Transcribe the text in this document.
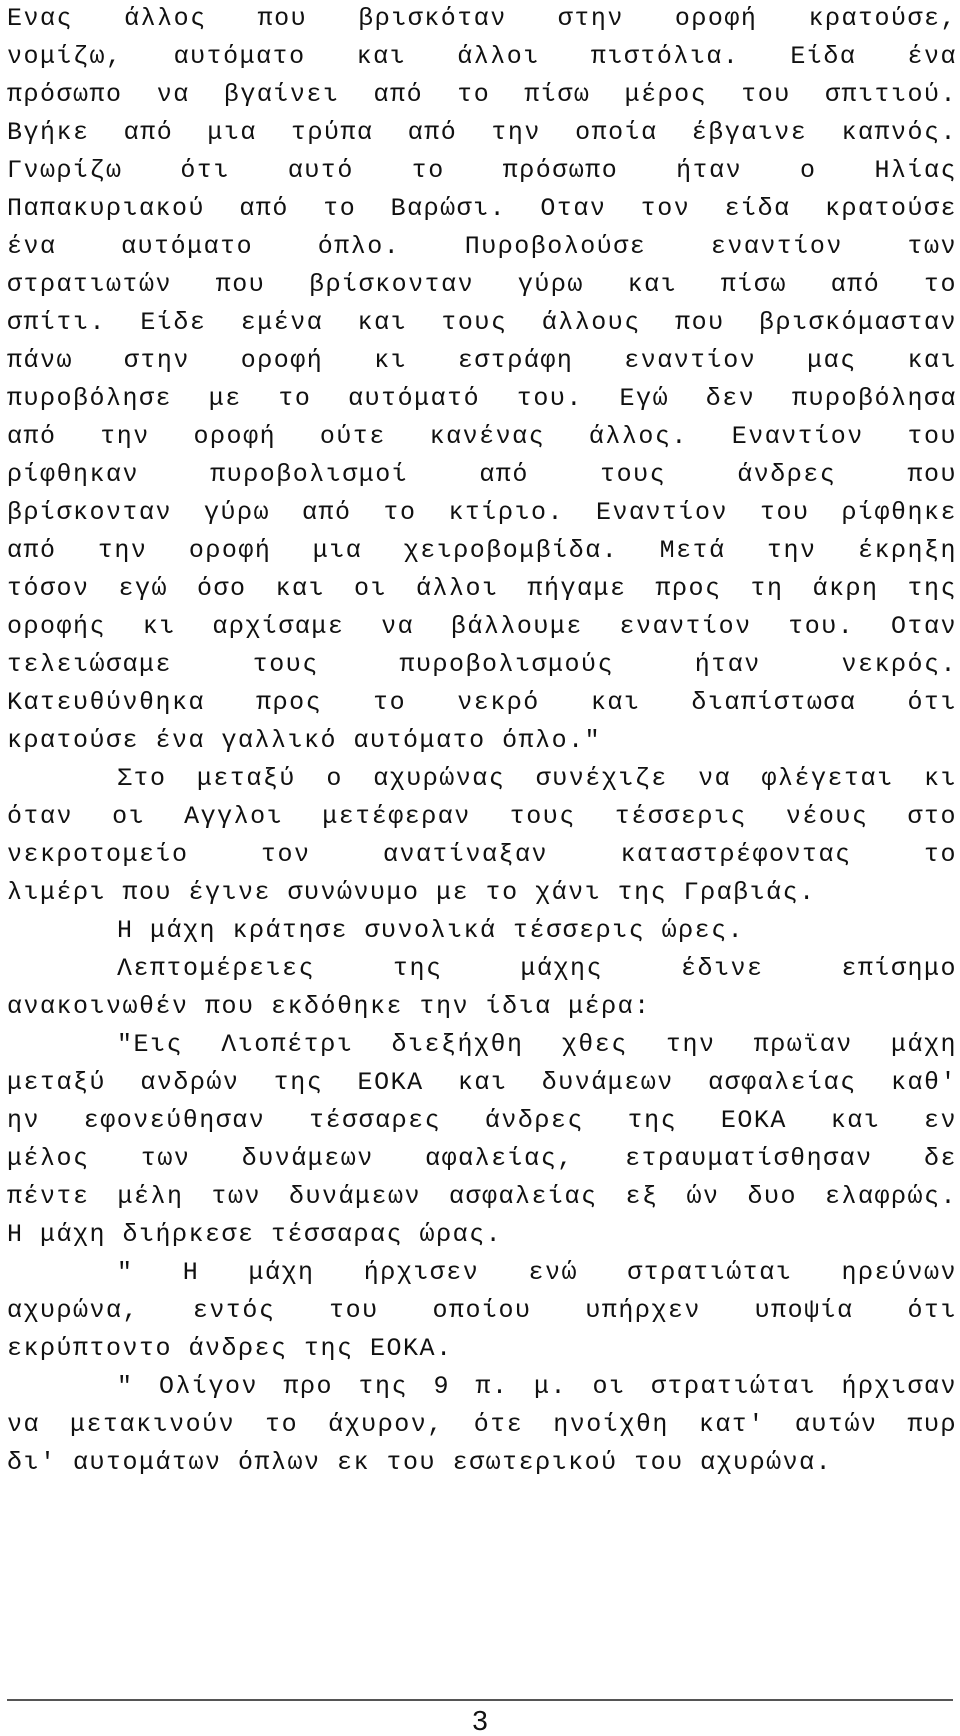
Ενας άλλος που βρισκόταν στην οροφή κρατούσε,
νομίζω, αυτόματο και άλλοι πιστόλια. Είδα ένα
πρόσωπο να βγαίνει από το πίσω μέρος του σπιτιού.
Βγήκε από μια τρύπα από την οποία έβγαινε καπνός.
Γνωρίζω ότι αυτό το πρόσωπο ήταν ο Ηλίας
Παπακυριακού από το Βαρώσι. Οταν τον είδα κρατούσε
ένα αυτόματο όπλο. Πυροβολούσε εναντίον των
στρατιωτών που βρίσκονταν γύρω και πίσω από το
σπίτι. Είδε εμένα και τους άλλους που βρισκόμασταν
πάνω στην οροφή κι εστράφη εναντίον μας και
πυροβόλησε με το αυτόματό του. Εγώ δεν πυροβόλησα
από την οροφή ούτε κανένας άλλος. Εναντίον του
ρίφθηκαν πυροβολισμοί από τους άνδρες που
βρίσκονταν γύρω από το κτίριο. Εναντίον του ρίφθηκε
από την οροφή μια χειροβομβίδα. Μετά την έκρηξη
τόσον εγώ όσο και οι άλλοι πήγαμε προς τη άκρη της
οροφής κι αρχίσαμε να βάλλουμε εναντίον του. Οταν
τελειώσαμε τους πυροβολισμούς ήταν νεκρός.
Κατευθύνθηκα προς το νεκρό και διαπίστωσα ότι
κρατούσε ένα γαλλικό αυτόματο όπλο."
Στο μεταξύ ο αχυρώνας συνέχιζε να φλέγεται κι
όταν οι Αγγλοι μετέφεραν τους τέσσερις νέους στο
νεκροτομείο τον ανατίναξαν καταστρέφοντας το
λιμέρι που έγινε συνώνυμο με το χάνι της Γραβιάς.
Η μάχη κράτησε συνολικά τέσσερις ώρες.
Λεπτομέρειες της μάχης έδινε επίσημο
ανακοινωθέν που εκδόθηκε την ίδια μέρα:
"Εις Λιοπέτρι διεξήχθη χθες την πρωϊαν μάχη
μεταξύ ανδρών της ΕΟΚΑ και δυνάμεων ασφαλείας καθ'
ην εφονεύθησαν τέσσαρες άνδρες της ΕΟΚΑ και εν
μέλος των δυνάμεων αφαλείας, ετραυματίσθησαν δε
πέντε μέλη των δυνάμεων ασφαλείας εξ ών δυο ελαφρώς.
Η μάχη διήρκεσε τέσσαρας ώρας.
" Η μάχη ήρχισεν ενώ στρατιώται ηρεύνων
αχυρώνα, εντός του οποίου υπήρχεν υποψία ότι
εκρύπτοντο άνδρες της ΕΟΚΑ.
" Ολίγον προ της 9 π. μ. οι στρατιώται ήρχισαν
να μετακινούν το άχυρον, ότε ηνοίχθη κατ' αυτών πυρ
δι' αυτομάτων όπλων εκ του εσωτερικού του αχυρώνα.
3
